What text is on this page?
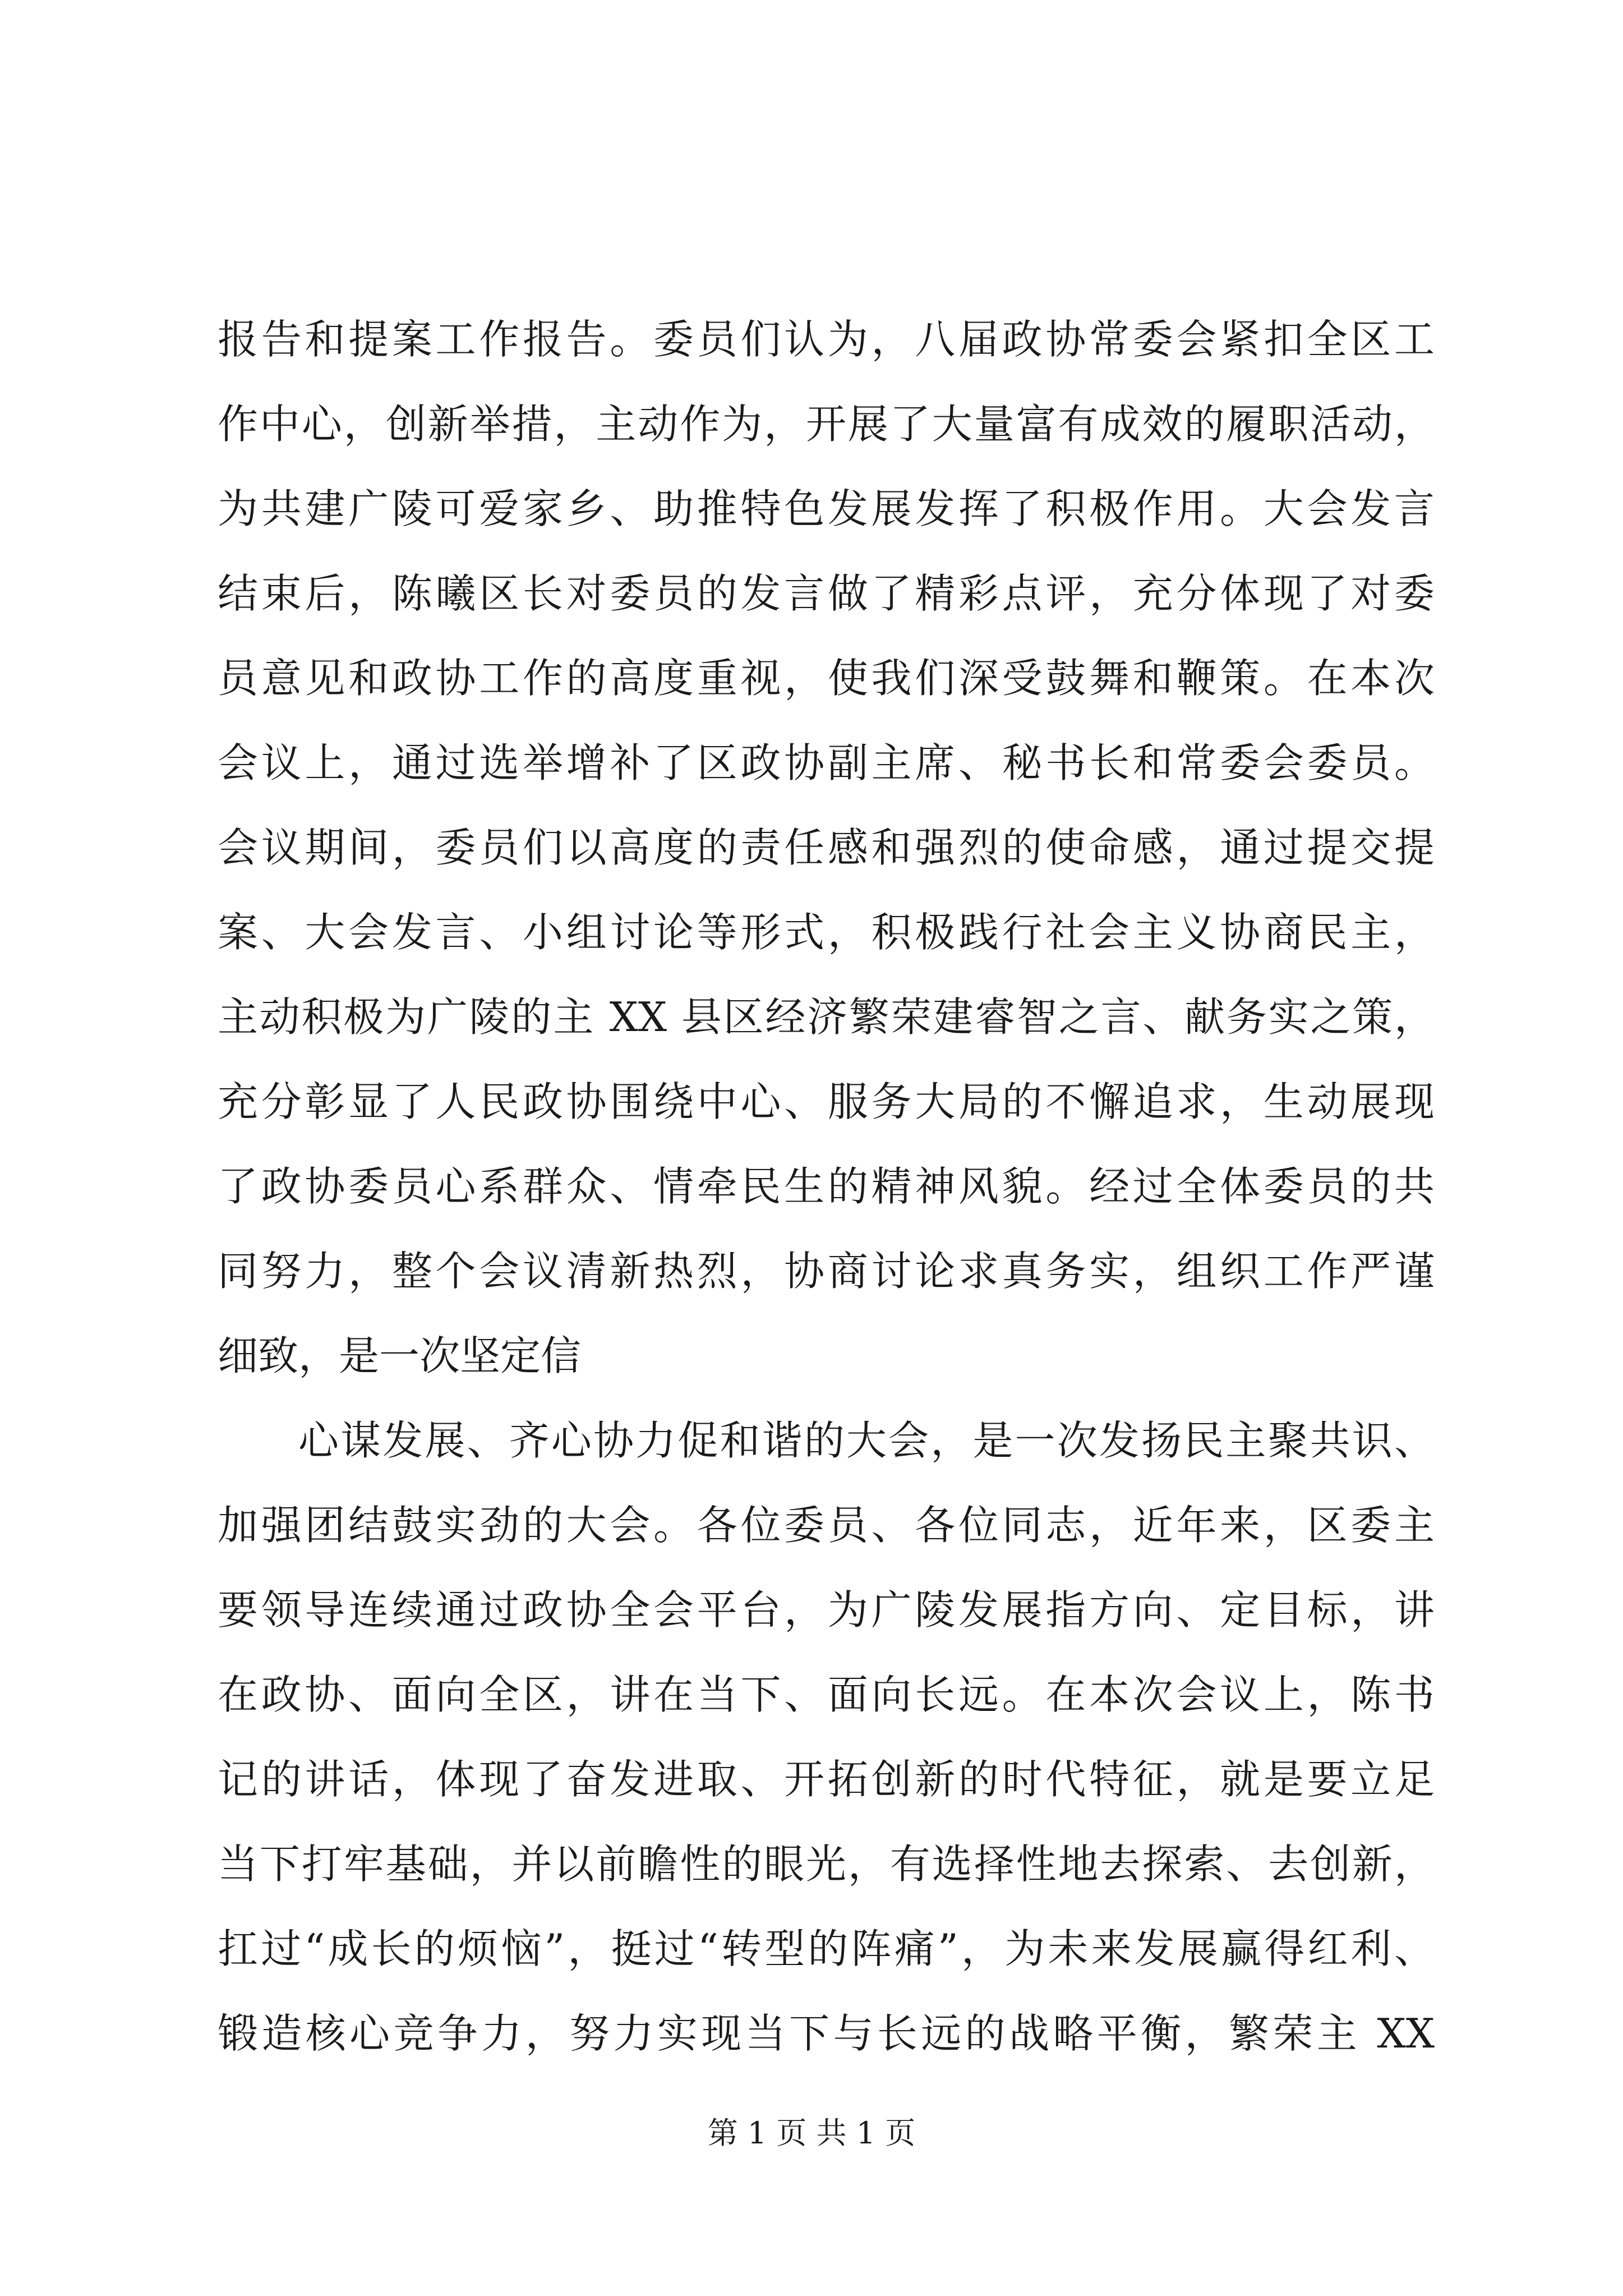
报告和提案工作报告。委员们认为，八届政协常委会紧扣全区工
作中心，创新举措，主动作为，开展了大量富有成效的履职活动，
为共建广陵可爱家乡、助推特色发展发挥了积极作用。大会发言
结束后，陈曦区长对委员的发言做了精彩点评，充分体现了对委
员意见和政协工作的高度重视，使我们深受鼓舞和鞭策。在本次
会议上，通过选举增补了区政协副主席、秘书长和常委会委员。
会议期间，委员们以高度的责任感和强烈的使命感，通过提交提
案、大会发言、小组讨论等形式，积极践行社会主义协商民主，
主动积极为广陵的主 XX 县区经济繁荣建睿智之言、献务实之策，
充分彰显了人民政协围绕中心、服务大局的不懈追求，生动展现
了政协委员心系群众、情牵民生的精神风貌。经过全体委员的共
同努力，整个会议清新热烈，协商讨论求真务实，组织工作严谨
细致，是一次坚定信
心谋发展、齐心协力促和谐的大会，是一次发扬民主聚共识、
加强团结鼓实劲的大会。各位委员、各位同志，近年来，区委主
要领导连续通过政协全会平台，为广陵发展指方向、定目标，讲
在政协、面向全区，讲在当下、面向长远。在本次会议上，陈书
记的讲话，体现了奋发进取、开拓创新的时代特征，就是要立足
当下打牢基础，并以前瞻性的眼光，有选择性地去探索、去创新，
扛过“成长的烦恼”，挺过“转型的阵痛”，为未来发展赢得红利、
锻造核心竞争力，努力实现当下与长远的战略平衡，繁荣主 XX
第 1 页 共 1 页
